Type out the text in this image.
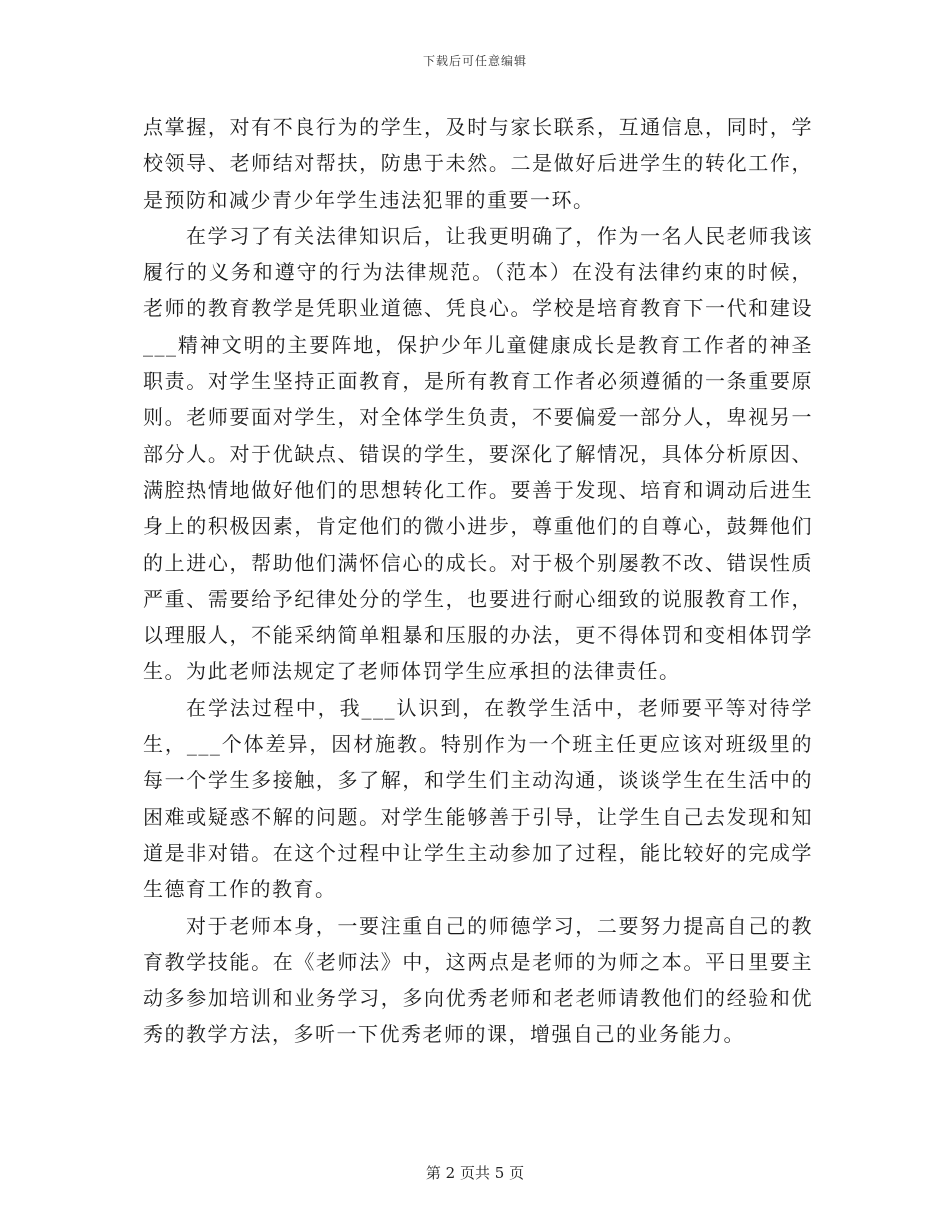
下载后可任意编辑

点掌握，对有不良行为的学生，及时与家长联系，互通信息，同时，学校领导、老师结对帮扶，防患于未然。二是做好后进学生的转化工作，是预防和减少青少年学生违法犯罪的重要一环。

在学习了有关法律知识后，让我更明确了，作为一名人民老师我该履行的义务和遵守的行为法律规范。（范本）在没有法律约束的时候，老师的教育教学是凭职业道德、凭良心。学校是培育教育下一代和建设___精神文明的主要阵地，保护少年儿童健康成长是教育工作者的神圣职责。对学生坚持正面教育，是所有教育工作者必须遵循的一条重要原则。老师要面对学生，对全体学生负责，不要偏爱一部分人，卑视另一部分人。对于优缺点、错误的学生，要深化了解情况，具体分析原因、满腔热情地做好他们的思想转化工作。要善于发现、培育和调动后进生身上的积极因素，肯定他们的微小进步，尊重他们的自尊心，鼓舞他们的上进心，帮助他们满怀信心的成长。对于极个别屡教不改、错误性质严重、需要给予纪律处分的学生，也要进行耐心细致的说服教育工作，以理服人，不能采纳简单粗暴和压服的办法，更不得体罚和变相体罚学生。为此老师法规定了老师体罚学生应承担的法律责任。

在学法过程中，我___认识到，在教学生活中，老师要平等对待学生，___个体差异，因材施教。特别作为一个班主任更应该对班级里的每一个学生多接触，多了解，和学生们主动沟通，谈谈学生在生活中的困难或疑惑不解的问题。对学生能够善于引导，让学生自己去发现和知道是非对错。在这个过程中让学生主动参加了过程，能比较好的完成学生德育工作的教育。

对于老师本身，一要注重自己的师德学习，二要努力提高自己的教育教学技能。在《老师法》中，这两点是老师的为师之本。平日里要主动多参加培训和业务学习，多向优秀老师和老老师请教他们的经验和优秀的教学方法，多听一下优秀老师的课，增强自己的业务能力。

第 2 页共 5 页
